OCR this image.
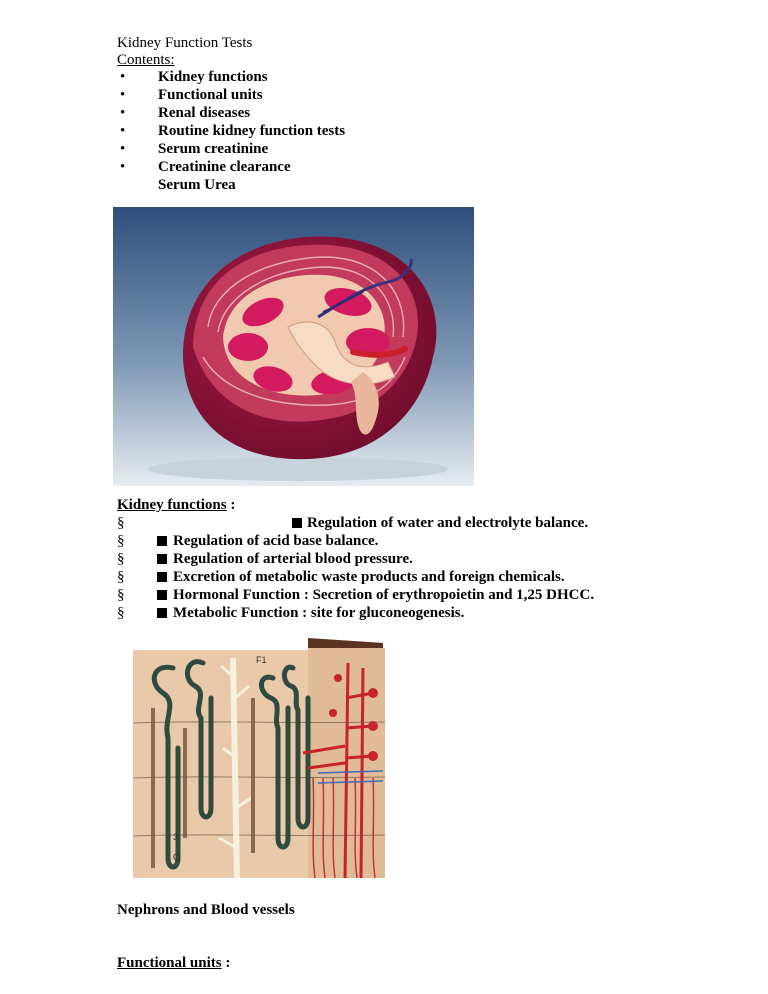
Kidney Function Tests
Contents:
• Kidney functions
• Functional units
• Renal diseases
• Routine kidney function tests
• Serum creatinine
• Creatinine clearance
Serum Urea
Kidney functions :
§	Regulation of water and electrolyte balance.
§	Regulation of acid base balance.
§	Regulation of arterial blood pressure.
§	Excretion of metabolic waste products and foreign chemicals.
§	Hormonal Function : Secretion of erythropoietin and 1,25 DHCC.
§	Metabolic Function : site for gluconeogenesis.
F1
3
Q
Nephrons and Blood vessels
Functional units :
